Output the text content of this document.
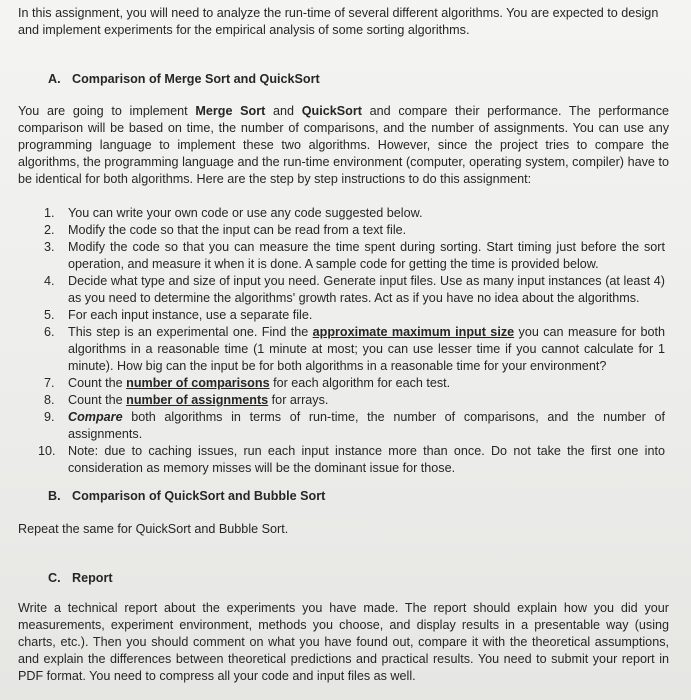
In this assignment, you will need to analyze the run-time of several different algorithms. You are expected to design and implement experiments for the empirical analysis of some sorting algorithms.

A. Comparison of Merge Sort and QuickSort

You are going to implement Merge Sort and QuickSort and compare their performance. The performance comparison will be based on time, the number of comparisons, and the number of assignments. You can use any programming language to implement these two algorithms. However, since the project tries to compare the algorithms, the programming language and the run-time environment (computer, operating system, compiler) have to be identical for both algorithms. Here are the step by step instructions to do this assignment:

1.	You can write your own code or use any code suggested below.
2.	Modify the code so that the input can be read from a text file.
3.	Modify the code so that you can measure the time spent during sorting. Start timing just before the sort operation, and measure it when it is done. A sample code for getting the time is provided below.
4.	Decide what type and size of input you need. Generate input files. Use as many input instances (at least 4) as you need to determine the algorithms' growth rates. Act as if you have no idea about the algorithms.
5.	For each input instance, use a separate file.
6.	This step is an experimental one. Find the approximate maximum input size you can measure for both algorithms in a reasonable time (1 minute at most; you can use lesser time if you cannot calculate for 1 minute). How big can the input be for both algorithms in a reasonable time for your environment?
7.	Count the number of comparisons for each algorithm for each test.
8.	Count the number of assignments for arrays.
9.	Compare both algorithms in terms of run-time, the number of comparisons, and the number of assignments.
10. Note: due to caching issues, run each input instance more than once. Do not take the first one into consideration as memory misses will be the dominant issue for those.
B. Comparison of QuickSort and Bubble Sort

Repeat the same for QuickSort and Bubble Sort.

C. Report

Write a technical report about the experiments you have made. The report should explain how you did your measurements, experiment environment, methods you choose, and display results in a presentable way (using charts, etc.). Then you should comment on what you have found out, compare it with the theoretical assumptions, and explain the differences between theoretical predictions and practical results. You need to submit your report in PDF format. You need to compress all your code and input files as well.
